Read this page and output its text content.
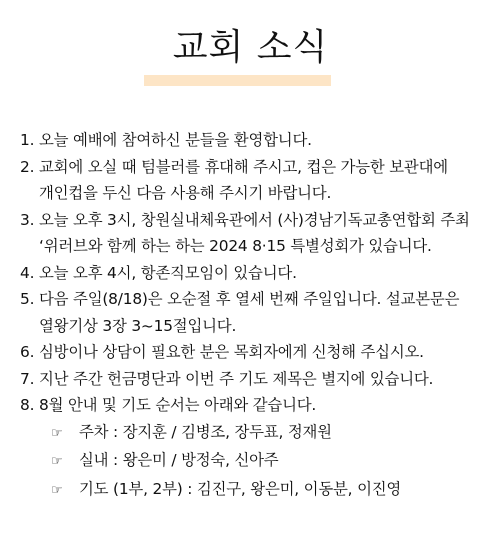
교회 소식
1. 오늘 예배에 참여하신 분들을 환영합니다.
2. 교회에 오실 때 텀블러를 휴대해 주시고, 컵은 가능한 보관대에
개인컵을 두신 다음 사용해 주시기 바랍니다.
3. 오늘 오후 3시, 창원실내체육관에서 (사)경남기독교총연합회 주최
‘위러브와 함께 하는 하는 2024 8·15 특별성회가 있습니다.
4. 오늘 오후 4시, 항존직모임이 있습니다.
5. 다음 주일(8/18)은 오순절 후 열세 번째 주일입니다. 설교본문은
열왕기상 3장 3~15절입니다.
6. 심방이나 상담이 필요한 분은 목회자에게 신청해 주십시오.
7. 지난 주간 헌금명단과 이번 주 기도 제목은 별지에 있습니다.
8. 8월 안내 및 기도 순서는 아래와 같습니다.
☞ 주차 : 장지훈 / 김병조, 장두표, 정재원
☞ 실내 : 왕은미 / 방정숙, 신아주
☞ 기도 (1부, 2부) : 김진구, 왕은미, 이동분, 이진영
